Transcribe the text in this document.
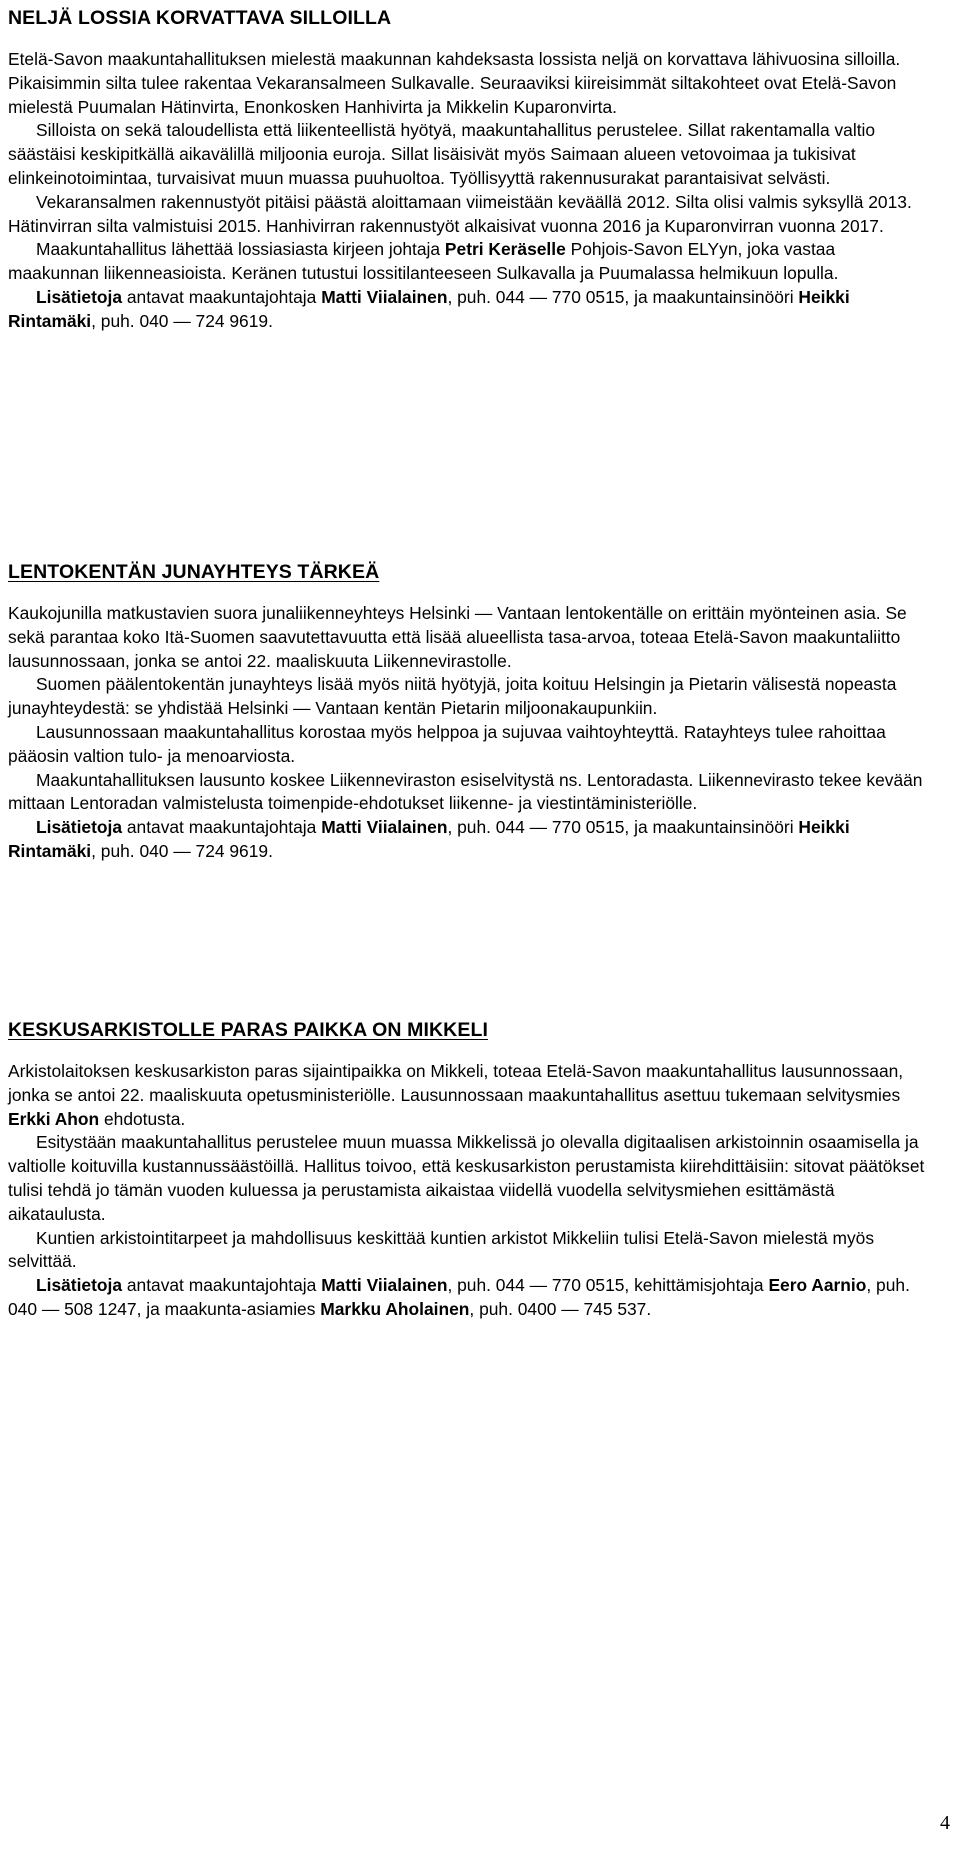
NELJÄ LOSSIA KORVATTAVA SILLOILLA

Etelä-Savon maakuntahallituksen mielestä maakunnan kahdeksasta lossista neljä on korvattava lähivuosina silloilla. Pikaisimmin silta tulee rakentaa Vekaransalmeen Sulkavalle. Seuraaviksi kiireisimmät siltakohteet ovat Etelä-Savon mielestä Puumalan Hätinvirta, Enonkosken Hanhivirta ja Mikkelin Kuparonvirta.

Silloista on sekä taloudellista että liikenteellistä hyötyä, maakuntahallitus perustelee. Sillat rakentamalla valtio säästäisi keskipitkällä aikavälillä miljoonia euroja. Sillat lisäisivät myös Saimaan alueen vetovoimaa ja tukisivat elinkeinotoimintaa, turvaisivat muun muassa puuhuoltoa. Työllisyyttä rakennusurakat parantaisivat selvästi.

Vekaransalmen rakennustyöt pitäisi päästä aloittamaan viimeistään keväällä 2012. Silta olisi valmis syksyllä 2013. Hätinvirran silta valmistuisi 2015. Hanhivirran rakennustyöt alkaisivat vuonna 2016 ja Kuparonvirran vuonna 2017.

Maakuntahallitus lähettää lossiasiasta kirjeen johtaja Petri Keräselle Pohjois-Savon ELYyn, joka vastaa maakunnan liikenneasioista. Keränen tutustui lossitilanteeseen Sulkavalla ja Puumalassa helmikuun lopulla.

Lisätietoja antavat maakuntajohtaja Matti Viialainen, puh. 044 — 770 0515, ja maakuntainsinööri Heikki Rintamäki, puh. 040 — 724 9619.

LENTOKENTÄN JUNAYHTEYS TÄRKEÄ

Kaukojunilla matkustavien suora junaliikenneyhteys Helsinki — Vantaan lentokentälle on erittäin myönteinen asia. Se sekä parantaa koko Itä-Suomen saavutettavuutta että lisää alueellista tasa-arvoa, toteaa Etelä-Savon maakuntaliitto lausunnossaan, jonka se antoi 22. maaliskuuta Liikennevirastolle.

Suomen päälentokentän junayhteys lisää myös niitä hyötyjä, joita koituu Helsingin ja Pietarin välisestä nopeasta junayhteydestä: se yhdistää Helsinki — Vantaan kentän Pietarin miljoonakaupunkiin.

Lausunnossaan maakuntahallitus korostaa myös helppoa ja sujuvaa vaihtoyhteyttä. Ratayhteys tulee rahoittaa pääosin valtion tulo- ja menoarviosta.

Maakuntahallituksen lausunto koskee Liikenneviraston esiselvitystä ns. Lentoradasta. Liikennevirasto tekee kevään mittaan Lentoradan valmistelusta toimenpide-ehdotukset liikenne- ja viestintäministeriölle.

Lisätietoja antavat maakuntajohtaja Matti Viialainen, puh. 044 — 770 0515, ja maakuntainsinööri Heikki Rintamäki, puh. 040 — 724 9619.

KESKUSARKISTOLLE PARAS PAIKKA ON MIKKELI

Arkistolaitoksen keskusarkiston paras sijaintipaikka on Mikkeli, toteaa Etelä-Savon maakuntahallitus lausunnossaan, jonka se antoi 22. maaliskuuta opetusministeriölle. Lausunnossaan maakuntahallitus asettuu tukemaan selvitysmies Erkki Ahon ehdotusta.

Esitystään maakuntahallitus perustelee muun muassa Mikkelissä jo olevalla digitaalisen arkistoinnin osaamisella ja valtiolle koituvilla kustannussäästöillä. Hallitus toivoo, että keskusarkiston perustamista kiirehdittäisiin: sitovat päätökset tulisi tehdä jo tämän vuoden kuluessa ja perustamista aikaistaa viidellä vuodella selvitysmiehen esittämästä aikataulusta.

Kuntien arkistointitarpeet ja mahdollisuus keskittää kuntien arkistot Mikkeliin tulisi Etelä-Savon mielestä myös selvittää.

Lisätietoja antavat maakuntajohtaja Matti Viialainen, puh. 044 — 770 0515, kehittämisjohtaja Eero Aarnio, puh. 040 — 508 1247, ja maakunta-asiamies Markku Aholainen, puh. 0400 — 745 537.

4
